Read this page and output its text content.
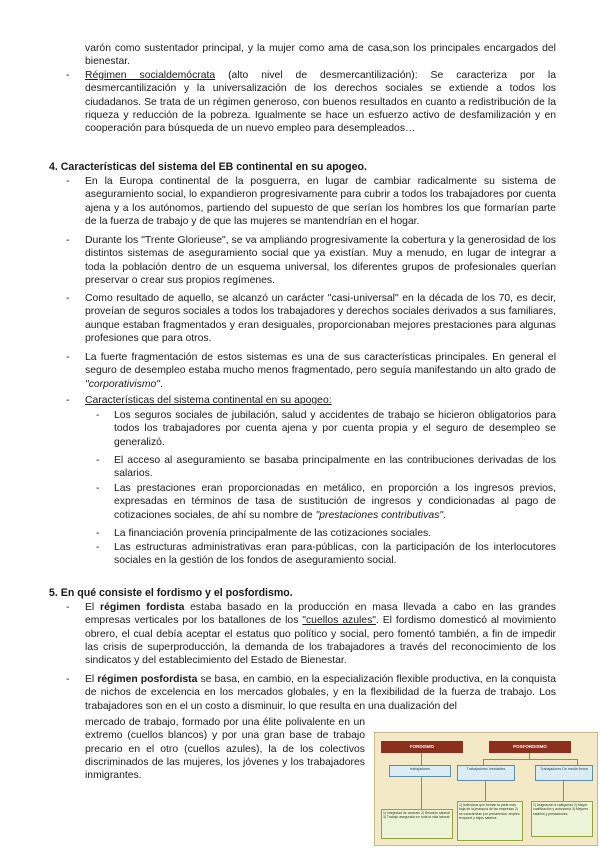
varón como sustentador principal, y la mujer como ama de casa,son los principales encargados del bienestar.

- Régimen socialdemócrata (alto nivel de desmercantilización): Se caracteriza por la desmercantilización y la universalización de los derechos sociales se extiende a todos los ciudadanos. Se trata de un régimen generoso, con buenos resultados en cuanto a redistribución de la riqueza y reducción de la pobreza. Igualmente se hace un esfuerzo activo de desfamilización y en cooperación para búsqueda de un nuevo empleo para desempleados…

4. Características del sistema del EB continental en su apogeo.

- En la Europa continental de la posguerra, en lugar de cambiar radicalmente su sistema de aseguramiento social, lo expandieron progresivamente para cubrir a todos los trabajadores por cuenta ajena y a los autónomos, partiendo del supuesto de que serían los hombres los que formarían parte de la fuerza de trabajo y de que las mujeres se mantendrían en el hogar.

- Durante los "Trente Glorieuse", se va ampliando progresivamente la cobertura y la generosidad de los distintos sistemas de aseguramiento social que ya existían. Muy a menudo, en lugar de integrar a toda la población dentro de un esquema universal, los diferentes grupos de profesionales querían preservar o crear sus propios regímenes.

- Como resultado de aquello, se alcanzó un carácter "casi-universal" en la década de los 70, es decir, proveían de seguros sociales a todos los trabajadores y derechos sociales derivados a sus familiares, aunque estaban fragmentados y eran desiguales, proporcionaban mejores prestaciones para algunas profesiones que para otros.

- La fuerte fragmentación de estos sistemas es una de sus características principales. En general el seguro de desempleo estaba mucho menos fragmentado, pero seguía manifestando un alto grado de "corporativismo".

- Características del sistema continental en su apogeo:

- Los seguros sociales de jubilación, salud y accidentes de trabajo se hicieron obligatorios para todos los trabajadores por cuenta ajena y por cuenta propia y el seguro de desempleo se generalizó.

- El acceso al aseguramiento se basaba principalmente en las contribuciones derivadas de los salarios.

- Las prestaciones eran proporcionadas en metálico, en proporción a los ingresos previos, expresadas en términos de tasa de sustitución de ingresos y condicionadas al pago de cotizaciones sociales, de ahí su nombre de "prestaciones contributivas".

- La financiación provenía principalmente de las cotizaciones sociales.

- Las estructuras administrativas eran para-públicas, con la participación de los interlocutores sociales en la gestión de los fondos de aseguramiento social.

5. En qué consiste el fordismo y el posfordismo.

- El régimen fordista estaba basado en la producción en masa llevada a cabo en las grandes empresas verticales por los batallones de los "cuellos azules". El fordismo domesticó al movimiento obrero, el cual debía aceptar el estatus quo político y social, pero fomentó también, a fin de impedir las crisis de superproducción, la demanda de los trabajadores a través del reconocimiento de los sindicatos y del establecimiento del Estado de Bienestar.

- El régimen posfordista se basa, en cambio, en la especialización flexible productiva, en la conquista de nichos de excelencia en los mercados globales, y en la flexibilidad de la fuerza de trabajo. Los trabajadores son en el un costo a disminuir, lo que resulta en una dualización del

mercado de trabajo, formado por una élite polivalente en un extremo (cuellos blancos) y por una gran base de trabajo precario en el otro (cuellos azules), la de los colectivos discriminados de las mujeres, los jóvenes y los trabajadores inmigrantes.

FORDISMO	POSFORDISMO
trabajadores	Trabajadores Inestables	Trabajadores De media forma
1) Integridad de contrato 2) Relación salarial 3) Trabajo asegurado en toda la vida laboral
1) Individuos que forman la parte más baja de la jerarquía de las empresas 2) se caracterizan por precariedad, empleo temporal y bajos salarios
1) Asignación a categorías 2) Mayor cualificación y autonomía 3) Mejores salarios y prestaciones
